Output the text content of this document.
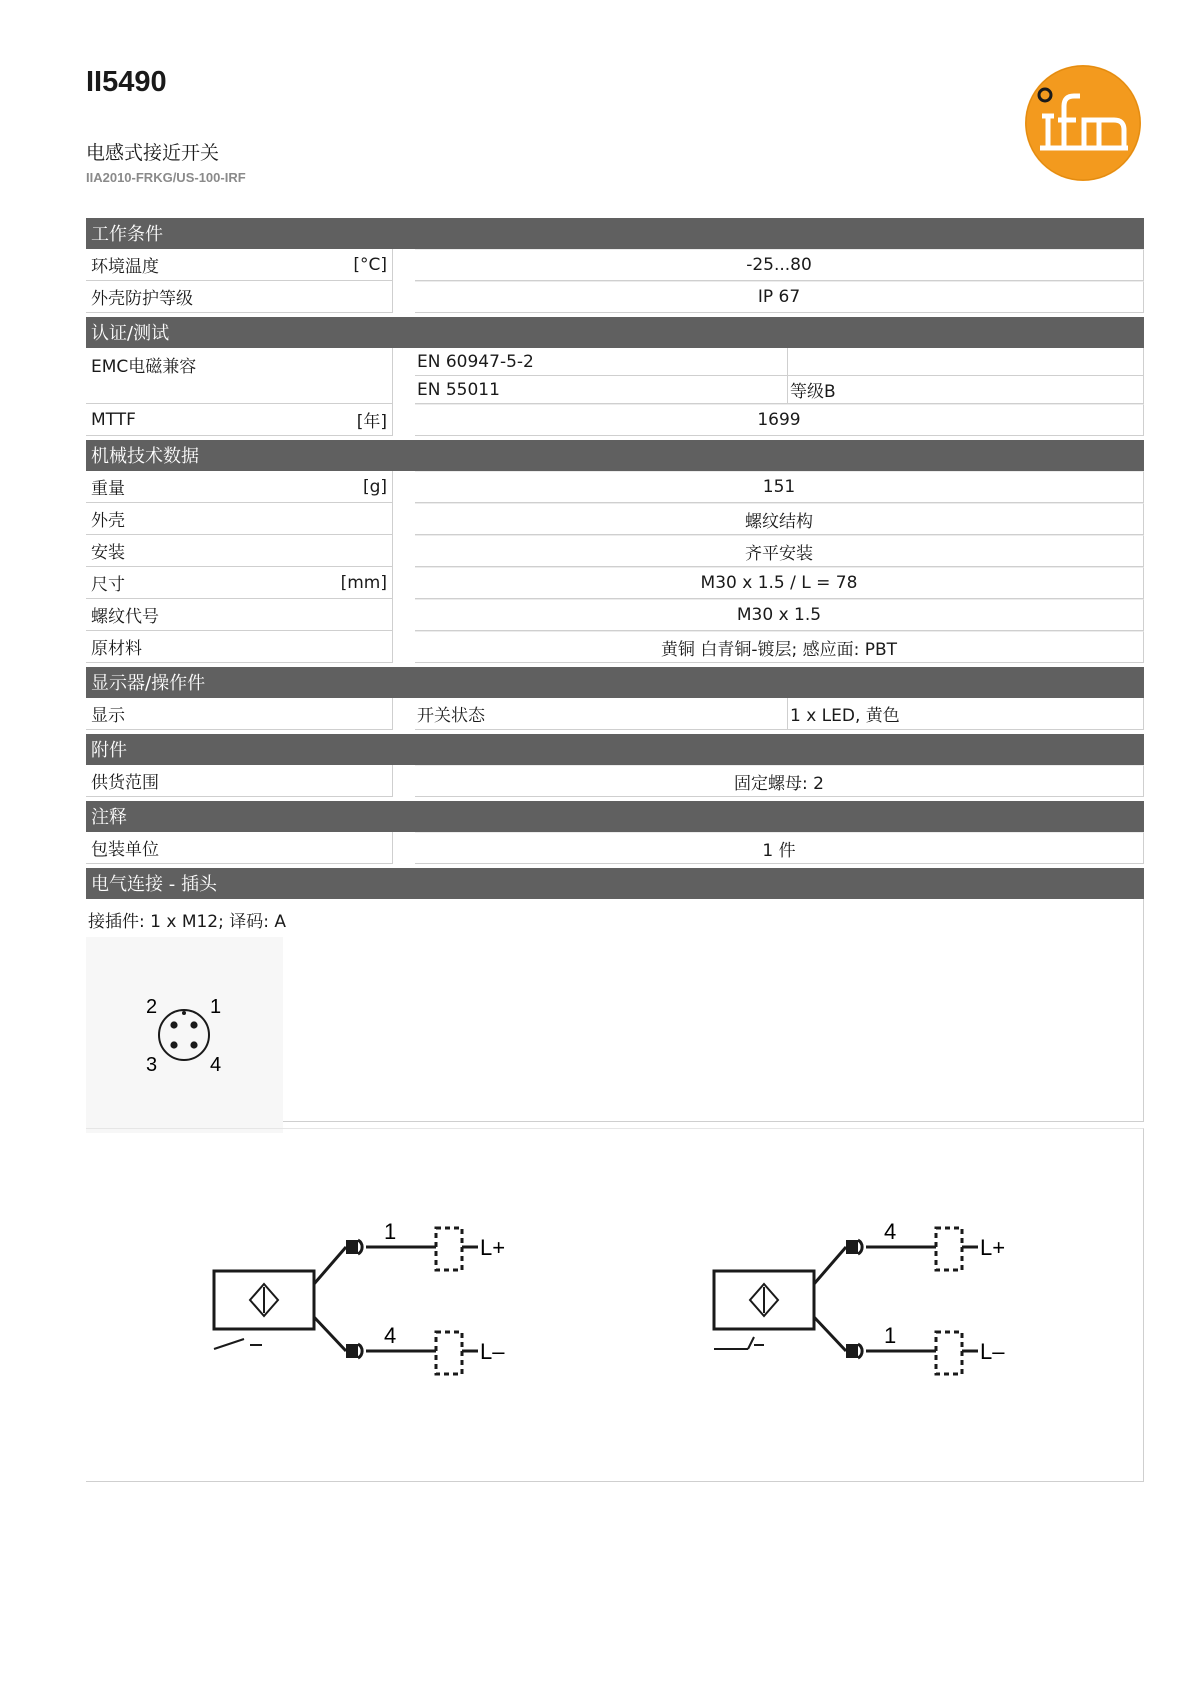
II5490
电感式接近开关
IIA2010-FRKG/US-100-IRF
工作条件
环境温度	[°C]	-25...80
外壳防护等级	IP 67
认证/测试
EMC电磁兼容	EN 60947-5-2
EN 55011	等级B
MTTF	[年]	1699
机械技术数据
重量	[g]	151
外壳	螺纹结构
安装	齐平安装
尺寸	[mm]	M30 x 1.5 / L = 78
螺纹代号	M30 x 1.5
原材料	黄铜 白青铜-镀层; 感应面: PBT
显示器/操作件
显示	开关状态	1 x LED, 黄色
附件
供货范围	固定螺母: 2
注释
包装单位	1 件
电气连接 - 插头
接插件: 1 x M12; 译码: A
2	1
3	4
1
4
L+
L–
4
1
L+
L–
